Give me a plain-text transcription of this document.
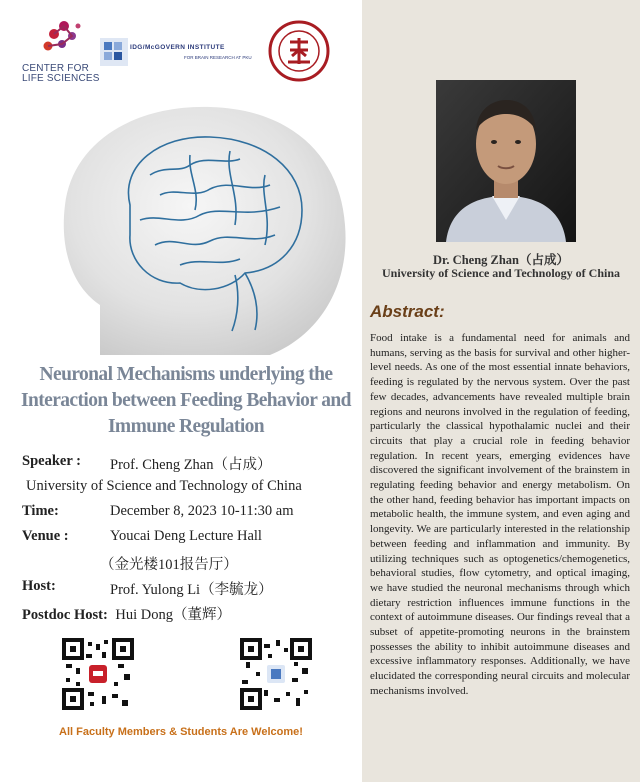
CENTER FOR
LIFE SCIENCES
IDG/McGOVERN INSTITUTE
FOR BRAIN RESEARCH AT PKU
Neuronal Mechanisms underlying the Interaction between Feeding Behavior and Immune Regulation
Speaker : Prof. Cheng Zhan（占成）
University of Science and Technology of China
Time:	December 8, 2023 10-11:30 am
Venue :	Youcai Deng Lecture Hall
（金光楼101报告厅）
Host:	Prof. Yulong Li（李毓龙）
Postdoc Host: Hui Dong（董辉）
All Faculty Members & Students Are Welcome!
Dr. Cheng Zhan（占成）
University of Science and Technology of China
Abstract:
Food intake is a fundamental need for animals and humans, serving as the basis for survival and other higher-level needs. As one of the most essential innate behaviors, feeding is regulated by the nervous system. Over the past few decades, advancements have revealed multiple brain regions and neurons involved in the regulation of feeding, particularly the classical hypothalamic nuclei and their circuits that play a crucial role in feeding behavior regulation. In recent years, emerging evidences have discovered the significant involvement of the brainstem in regulating feeding behavior and energy metabolism. On the other hand, feeding behavior has important impacts on metabolic health, the immune system, and even aging and longevity. We are particularly interested in the relationship between feeding and inflammation and immunity. By utilizing techniques such as optogenetics/chemogenetics, behavioral studies, flow cytometry, and optical imaging, we have studied the neuronal mechanisms through which dietary restriction influences immune functions in the context of autoimmune diseases. Our findings reveal that a subset of appetite-promoting neurons in the brainstem possesses the ability to inhibit autoimmune diseases and excessive inflammatory responses. Additionally, we have elucidated the corresponding neural circuits and molecular mechanisms involved.
